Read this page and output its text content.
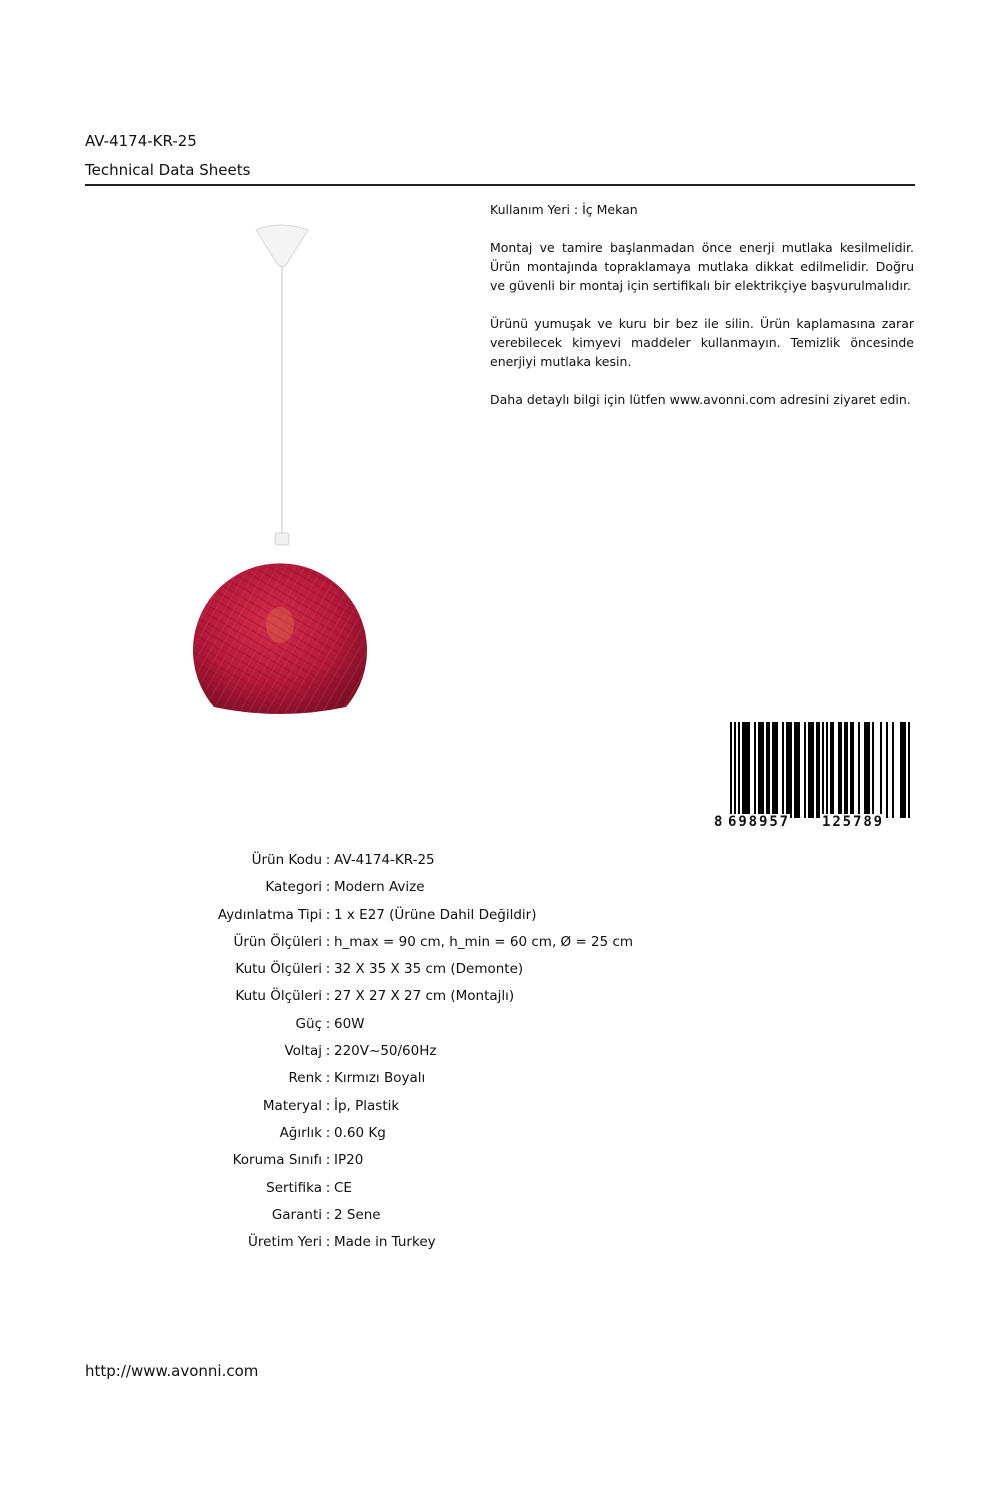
AV-4174-KR-25
Technical Data Sheets
Kullanım Yeri : İç Mekan
Montaj ve tamire başlanmadan önce enerji mutlaka kesilmelidir. Ürün montajında topraklamaya mutlaka dikkat edilmelidir. Doğru ve güvenli bir montaj için sertifikalı bir elektrikçiye başvurulmalıdır.
Ürünü yumuşak ve kuru bir bez ile silin. Ürün kaplamasına zarar verebilecek kimyevi maddeler kullanmayın. Temizlik öncesinde enerjiyi mutlaka kesin.
Daha detaylı bilgi için lütfen www.avonni.com adresini ziyaret edin.
8 698957 125789
Ürün Kodu : AV-4174-KR-25
Kategori : Modern Avize
Aydınlatma Tipi : 1 x E27 (Ürüne Dahil Değildir)
Ürün Ölçüleri : h_max = 90 cm, h_min = 60 cm, Ø = 25 cm
Kutu Ölçüleri : 32 X 35 X 35 cm (Demonte)
Kutu Ölçüleri : 27 X 27 X 27 cm (Montajlı)
Güç : 60W
Voltaj : 220V~50/60Hz
Renk : Kırmızı Boyalı
Materyal : İp, Plastik
Ağırlık : 0.60 Kg
Koruma Sınıfı : IP20
Sertifika : CE
Garanti : 2 Sene
Üretim Yeri : Made in Turkey
http://www.avonni.com
